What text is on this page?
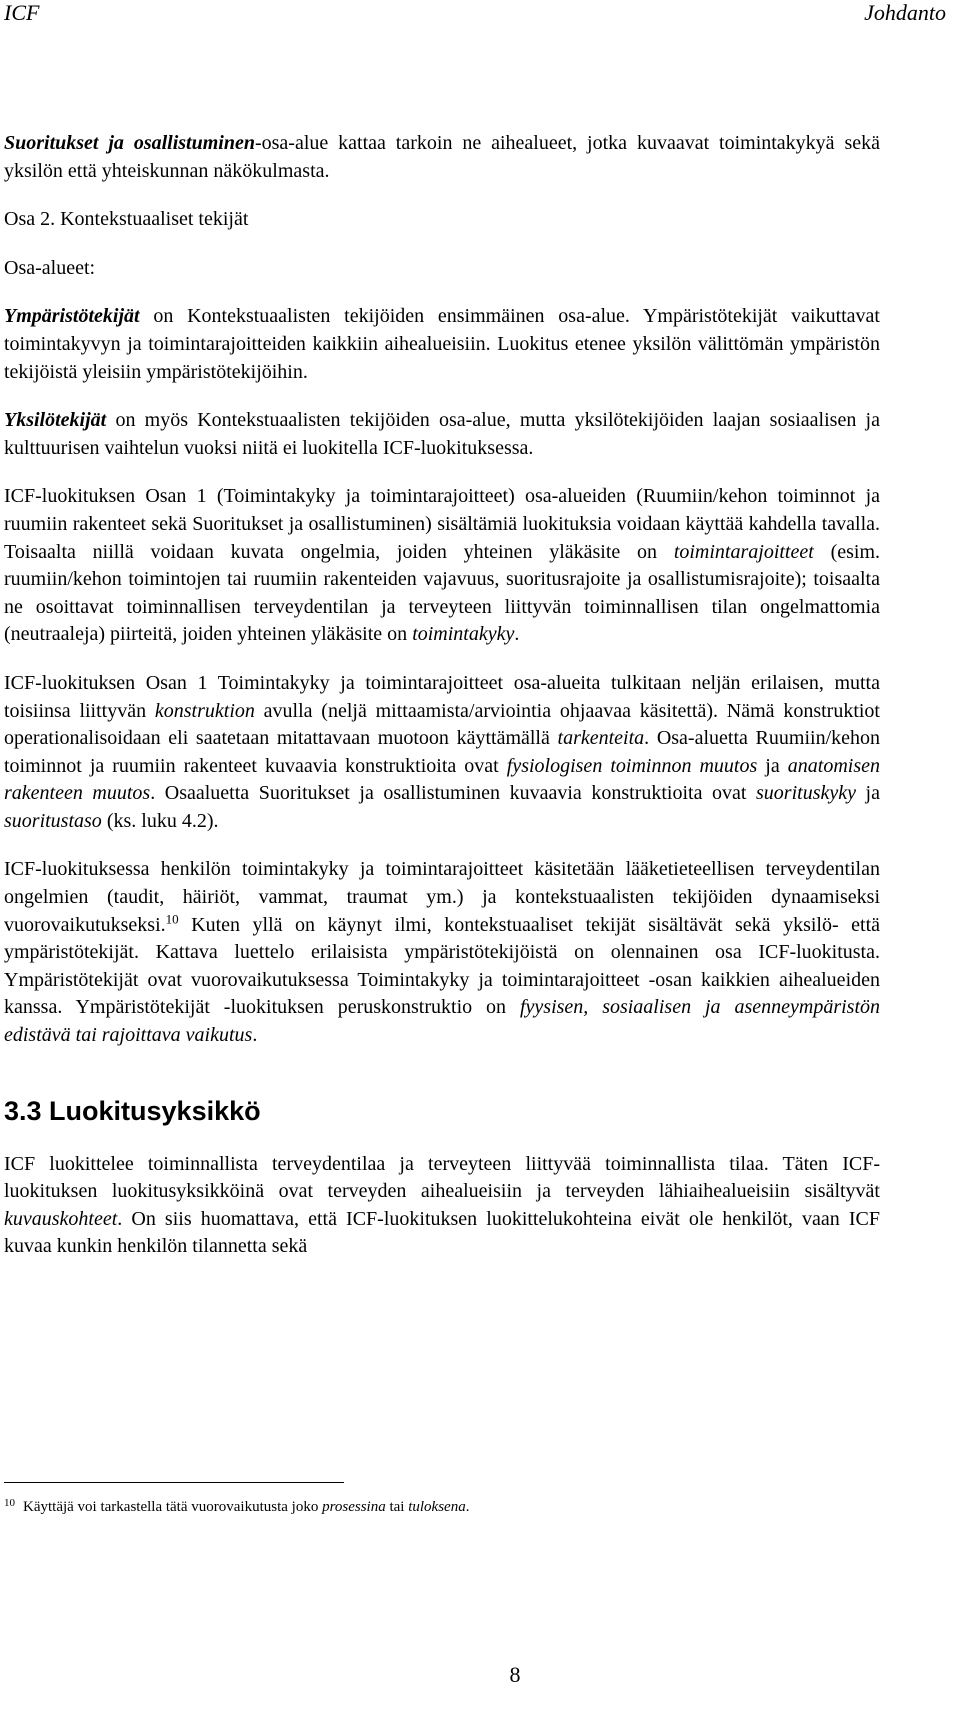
ICF	Johdanto

Suoritukset ja osallistuminen-osa-alue kattaa tarkoin ne aihealueet, jotka kuvaavat toimintakykyä sekä yksilön että yhteiskunnan näkökulmasta.

Osa 2. Kontekstuaaliset tekijät

Osa-alueet:

Ympäristötekijät on Kontekstuaalisten tekijöiden ensimmäinen osa-alue. Ympäristötekijät vaikuttavat toimintakyvyn ja toimintarajoitteiden kaikkiin aihealueisiin. Luokitus etenee yksilön välittömän ympäristön tekijöistä yleisiin ympäristötekijöihin.

Yksilötekijät on myös Kontekstuaalisten tekijöiden osa-alue, mutta yksilötekijöiden laajan sosiaalisen ja kulttuurisen vaihtelun vuoksi niitä ei luokitella ICF-luokituksessa.

ICF-luokituksen Osan 1 (Toimintakyky ja toimintarajoitteet) osa-alueiden (Ruumiin/kehon toiminnot ja ruumiin rakenteet sekä Suoritukset ja osallistuminen) sisältämiä luokituksia voidaan käyttää kahdella tavalla. Toisaalta niillä voidaan kuvata ongelmia, joiden yhteinen yläkäsite on toimintarajoitteet (esim. ruumiin/kehon toimintojen tai ruumiin rakenteiden vajavuus, suoritusrajoite ja osallistumisrajoite); toisaalta ne osoittavat toiminnallisen terveydentilan ja terveyteen liittyvän toiminnallisen tilan ongelmattomia (neutraaleja) piirteitä, joiden yhteinen yläkäsite on toimintakyky.

ICF-luokituksen Osan 1 Toimintakyky ja toimintarajoitteet osa-alueita tulkitaan neljän erilaisen, mutta toisiinsa liittyvän konstruktion avulla (neljä mittaamista/arviointia ohjaavaa käsitettä). Nämä konstruktiot operationalisoidaan eli saatetaan mitattavaan muotoon käyttämällä tarkenteita. Osa-aluetta Ruumiin/kehon toiminnot ja ruumiin rakenteet kuvaavia konstruktioita ovat fysiologisen toiminnon muutos ja anatomisen rakenteen muutos. Osaaluetta Suoritukset ja osallistuminen kuvaavia konstruktioita ovat suorituskyky ja suoritustaso (ks. luku 4.2).

ICF-luokituksessa henkilön toimintakyky ja toimintarajoitteet käsitetään lääketieteellisen terveydentilan ongelmien (taudit, häiriöt, vammat, traumat ym.) ja kontekstuaalisten tekijöiden dynaamiseksi vuorovaikutukseksi.$^{10}$ Kuten yllä on käynyt ilmi, kontekstuaaliset tekijät sisältävät sekä yksilö- että ympäristötekijät. Kattava luettelo erilaisista ympäristötekijöistä on olennainen osa ICF-luokitusta. Ympäristötekijät ovat vuorovaikutuksessa Toimintakyky ja toimintarajoitteet -osan kaikkien aihealueiden kanssa. Ympäristötekijät -luokituksen peruskonstruktio on fyysisen, sosiaalisen ja asenneympäristön edistävä tai rajoittava vaikutus.

3.3 Luokitusyksikkö

ICF luokittelee toiminnallista terveydentilaa ja terveyteen liittyvää toiminnallista tilaa. Täten ICF-luokituksen luokitusyksikköinä ovat terveyden aihealueisiin ja terveyden lähiaihealueisiin sisältyvät kuvauskohteet. On siis huomattava, että ICF-luokituksen luokittelukohteina eivät ole henkilöt, vaan ICF kuvaa kunkin henkilön tilannetta sekä

$^{10}$ Käyttäjä voi tarkastella tätä vuorovaikutusta joko prosessina tai tuloksena.
8
